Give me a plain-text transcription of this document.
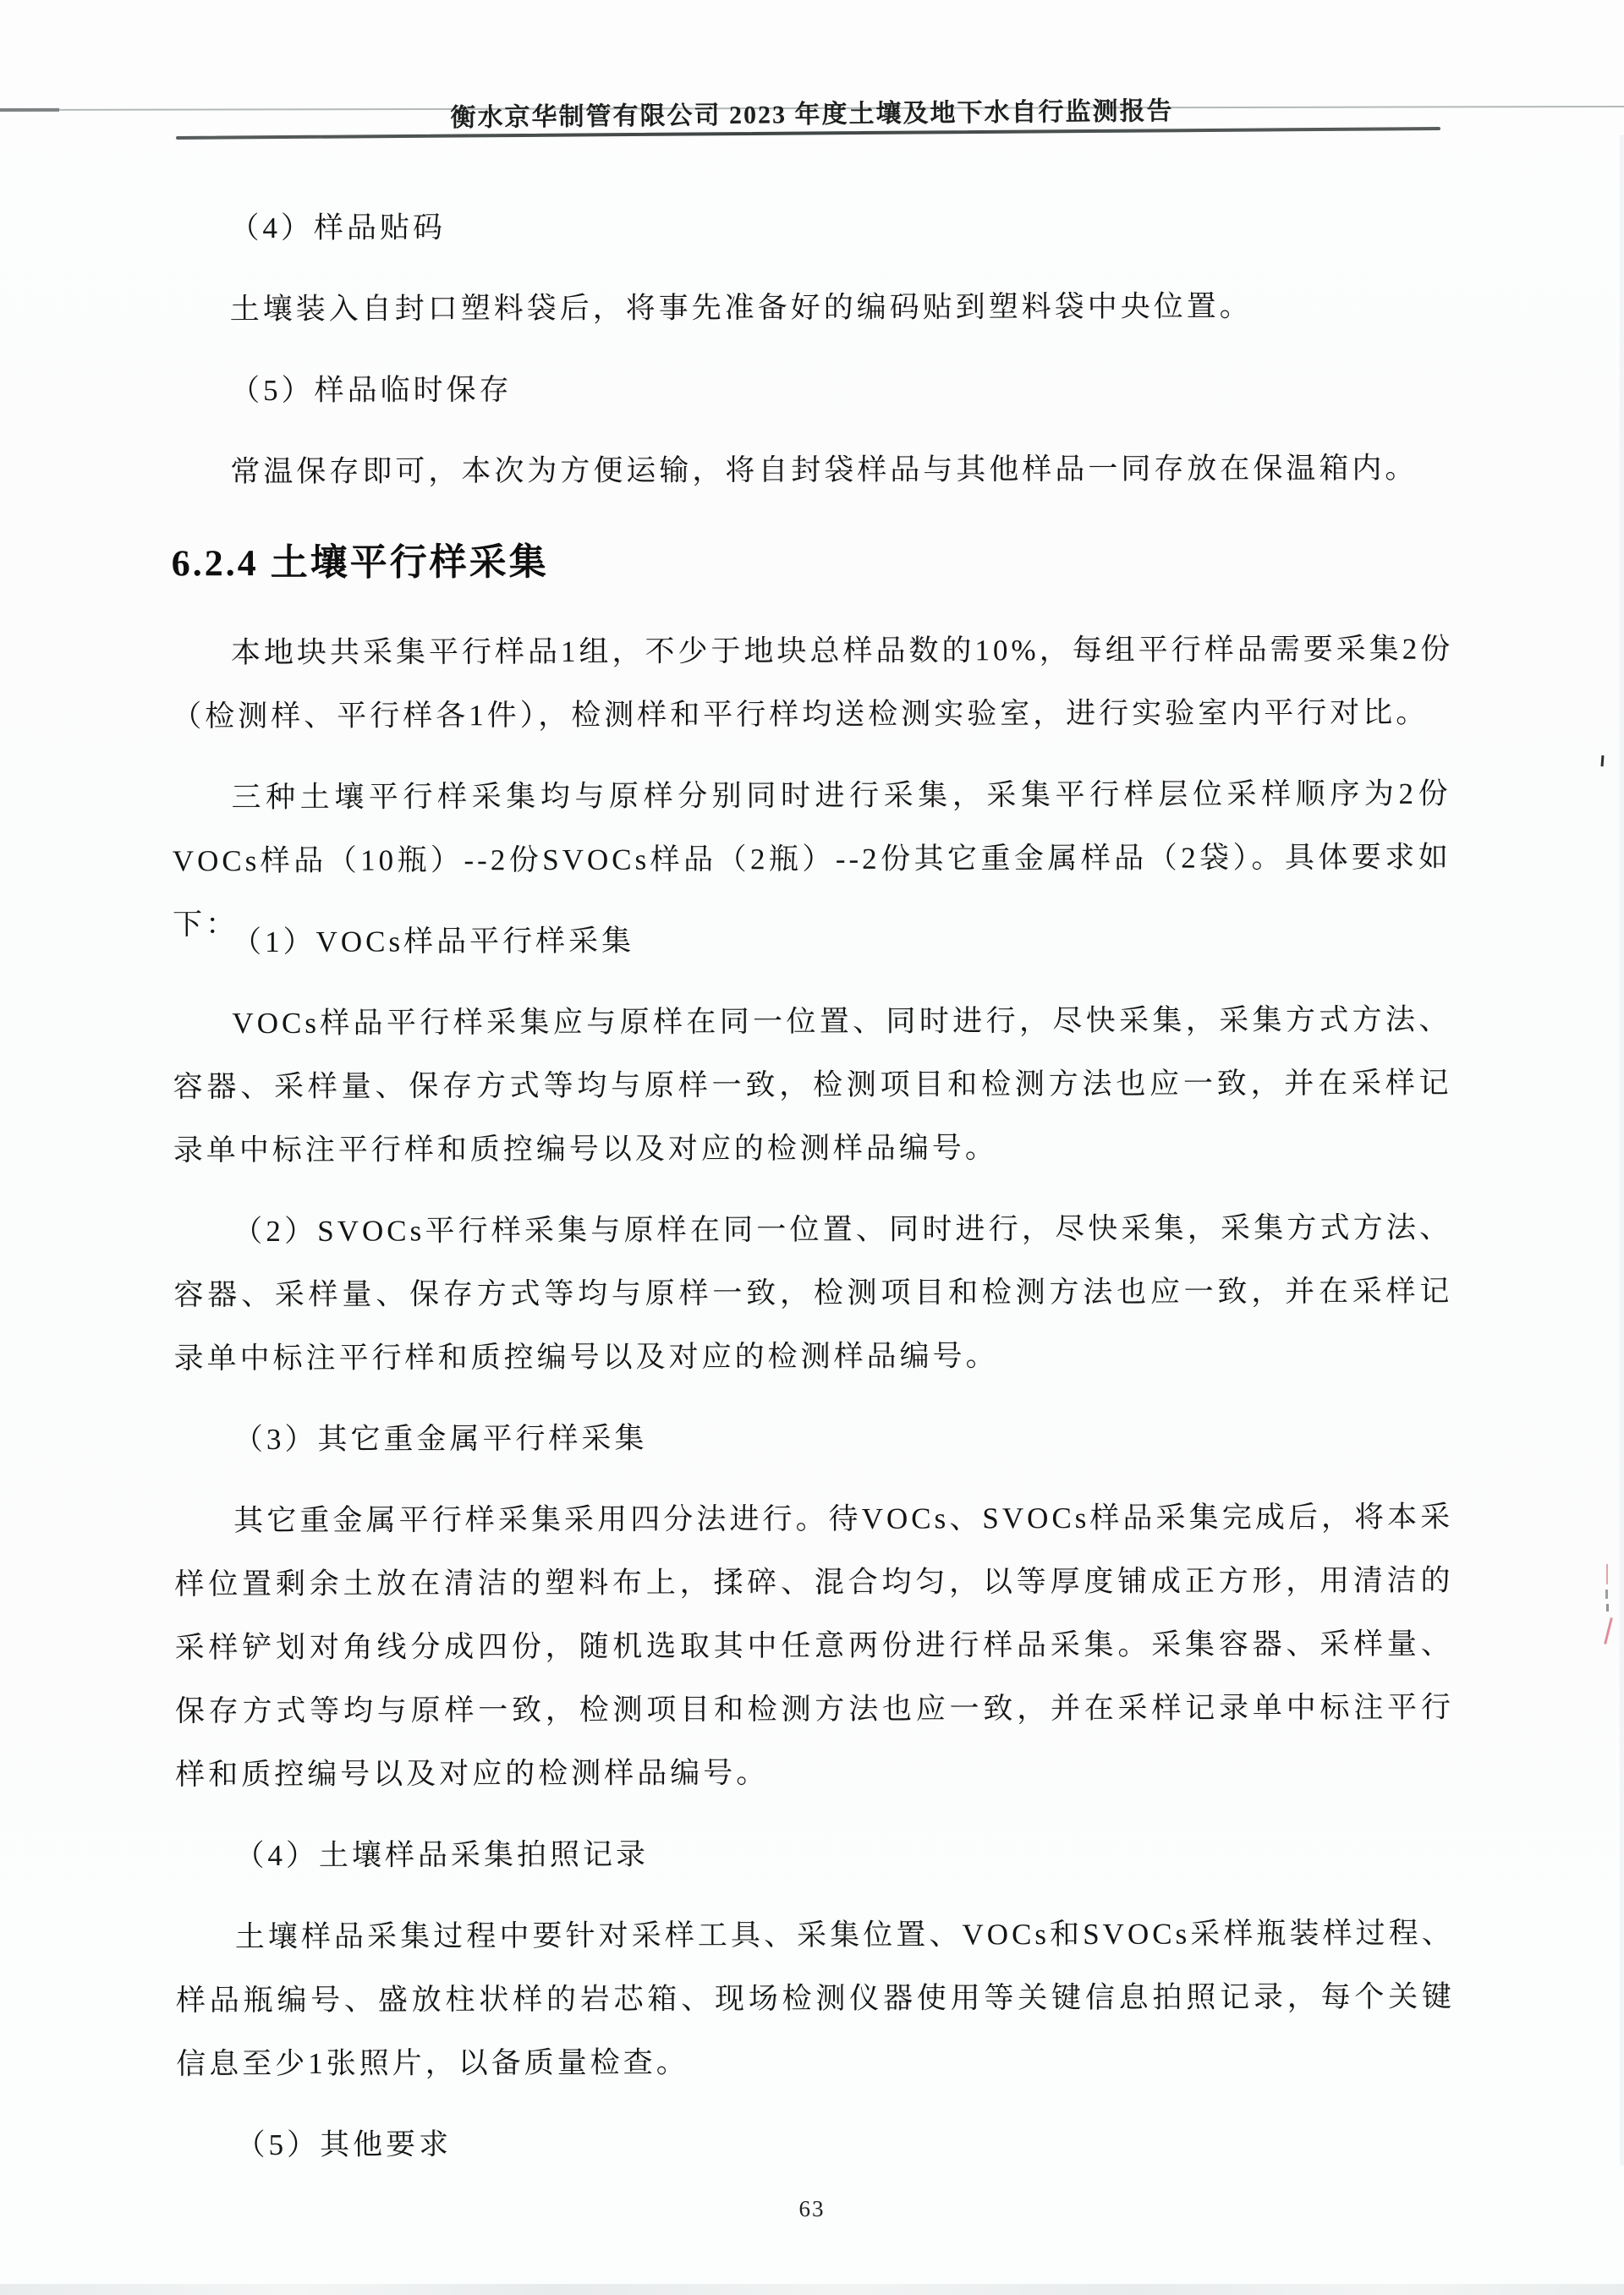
衡水京华制管有限公司 2023 年度土壤及地下水自行监测报告
（4）样品贴码
土壤装入自封口塑料袋后，将事先准备好的编码贴到塑料袋中央位置。
（5）样品临时保存
常温保存即可，本次为方便运输，将自封袋样品与其他样品一同存放在保温箱内。
6.2.4 土壤平行样采集
本地块共采集平行样品1组，不少于地块总样品数的10%，每组平行样品需要采集2份
（检测样、平行样各1件），检测样和平行样均送检测实验室，进行实验室内平行对比。
三种土壤平行样采集均与原样分别同时进行采集，采集平行样层位采样顺序为2份
VOCs样品（10瓶）--2份SVOCs样品（2瓶）--2份其它重金属样品（2袋）。具体要求如下：
（1）VOCs样品平行样采集
VOCs样品平行样采集应与原样在同一位置、同时进行，尽快采集，采集方式方法、
容器、采样量、保存方式等均与原样一致，检测项目和检测方法也应一致，并在采样记
录单中标注平行样和质控编号以及对应的检测样品编号。
（2）SVOCs平行样采集与原样在同一位置、同时进行，尽快采集，采集方式方法、
容器、采样量、保存方式等均与原样一致，检测项目和检测方法也应一致，并在采样记
录单中标注平行样和质控编号以及对应的检测样品编号。
（3）其它重金属平行样采集
其它重金属平行样采集采用四分法进行。待VOCs、SVOCs样品采集完成后，将本采
样位置剩余土放在清洁的塑料布上，揉碎、混合均匀，以等厚度铺成正方形，用清洁的
采样铲划对角线分成四份，随机选取其中任意两份进行样品采集。采集容器、采样量、
保存方式等均与原样一致，检测项目和检测方法也应一致，并在采样记录单中标注平行
样和质控编号以及对应的检测样品编号。
（4）土壤样品采集拍照记录
土壤样品采集过程中要针对采样工具、采集位置、VOCs和SVOCs采样瓶装样过程、
样品瓶编号、盛放柱状样的岩芯箱、现场检测仪器使用等关键信息拍照记录，每个关键
信息至少1张照片，以备质量检查。
（5）其他要求
63
